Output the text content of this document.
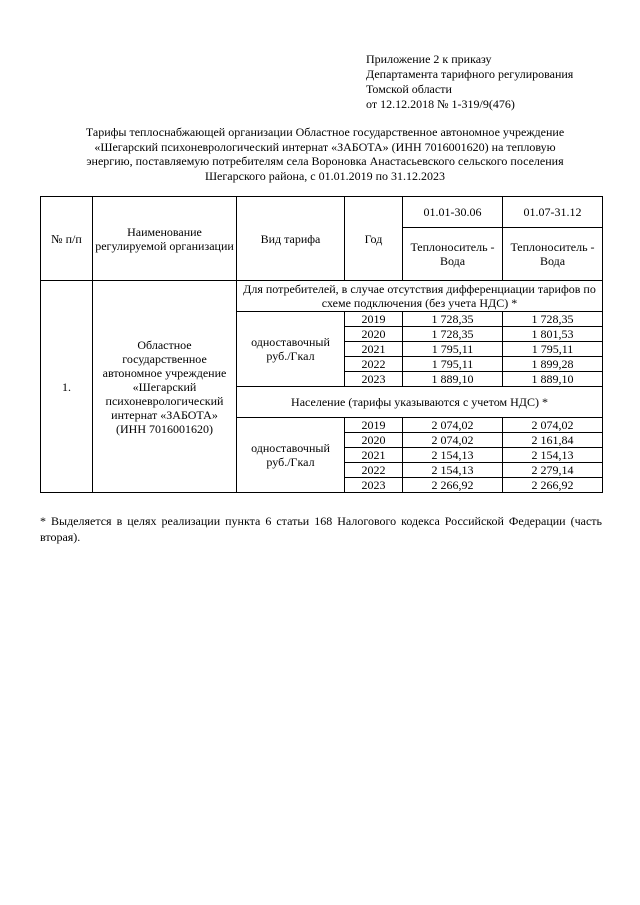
Приложение 2 к приказу
Департамента тарифного регулирования
Томской области
от 12.12.2018 № 1-319/9(476)
Тарифы теплоснабжающей организации Областное государственное автономное учреждение
«Шегарский психоневрологический интернат «ЗАБОТА» (ИНН 7016001620) на тепловую
энергию, поставляемую потребителям села Вороновка Анастасьевского сельского поселения
Шегарского района, с 01.01.2019 по 31.12.2023
№ п/п	Наименование регулируемой организации	Вид тарифа	Год	01.01-30.06	01.07-31.12
				Теплоноситель - Вода	Теплоноситель - Вода
1.	Областное государственное автономное учреждение «Шегарский психоневрологический интернат «ЗАБОТА» (ИНН 7016001620)	Для потребителей, в случае отсутствия дифференциации тарифов по схеме подключения (без учета НДС) *			
		одноставочный руб./Гкал	2019	1 728,35	1 728,35
			2020	1 728,35	1 801,53
			2021	1 795,11	1 795,11
			2022	1 795,11	1 899,28
			2023	1 889,10	1 889,10
		Население (тарифы указываются с учетом НДС) *			
		одноставочный руб./Гкал	2019	2 074,02	2 074,02
			2020	2 074,02	2 161,84
			2021	2 154,13	2 154,13
			2022	2 154,13	2 279,14
			2023	2 266,92	2 266,92
* Выделяется в целях реализации пункта 6 статьи 168 Налогового кодекса Российской Федерации (часть вторая).
